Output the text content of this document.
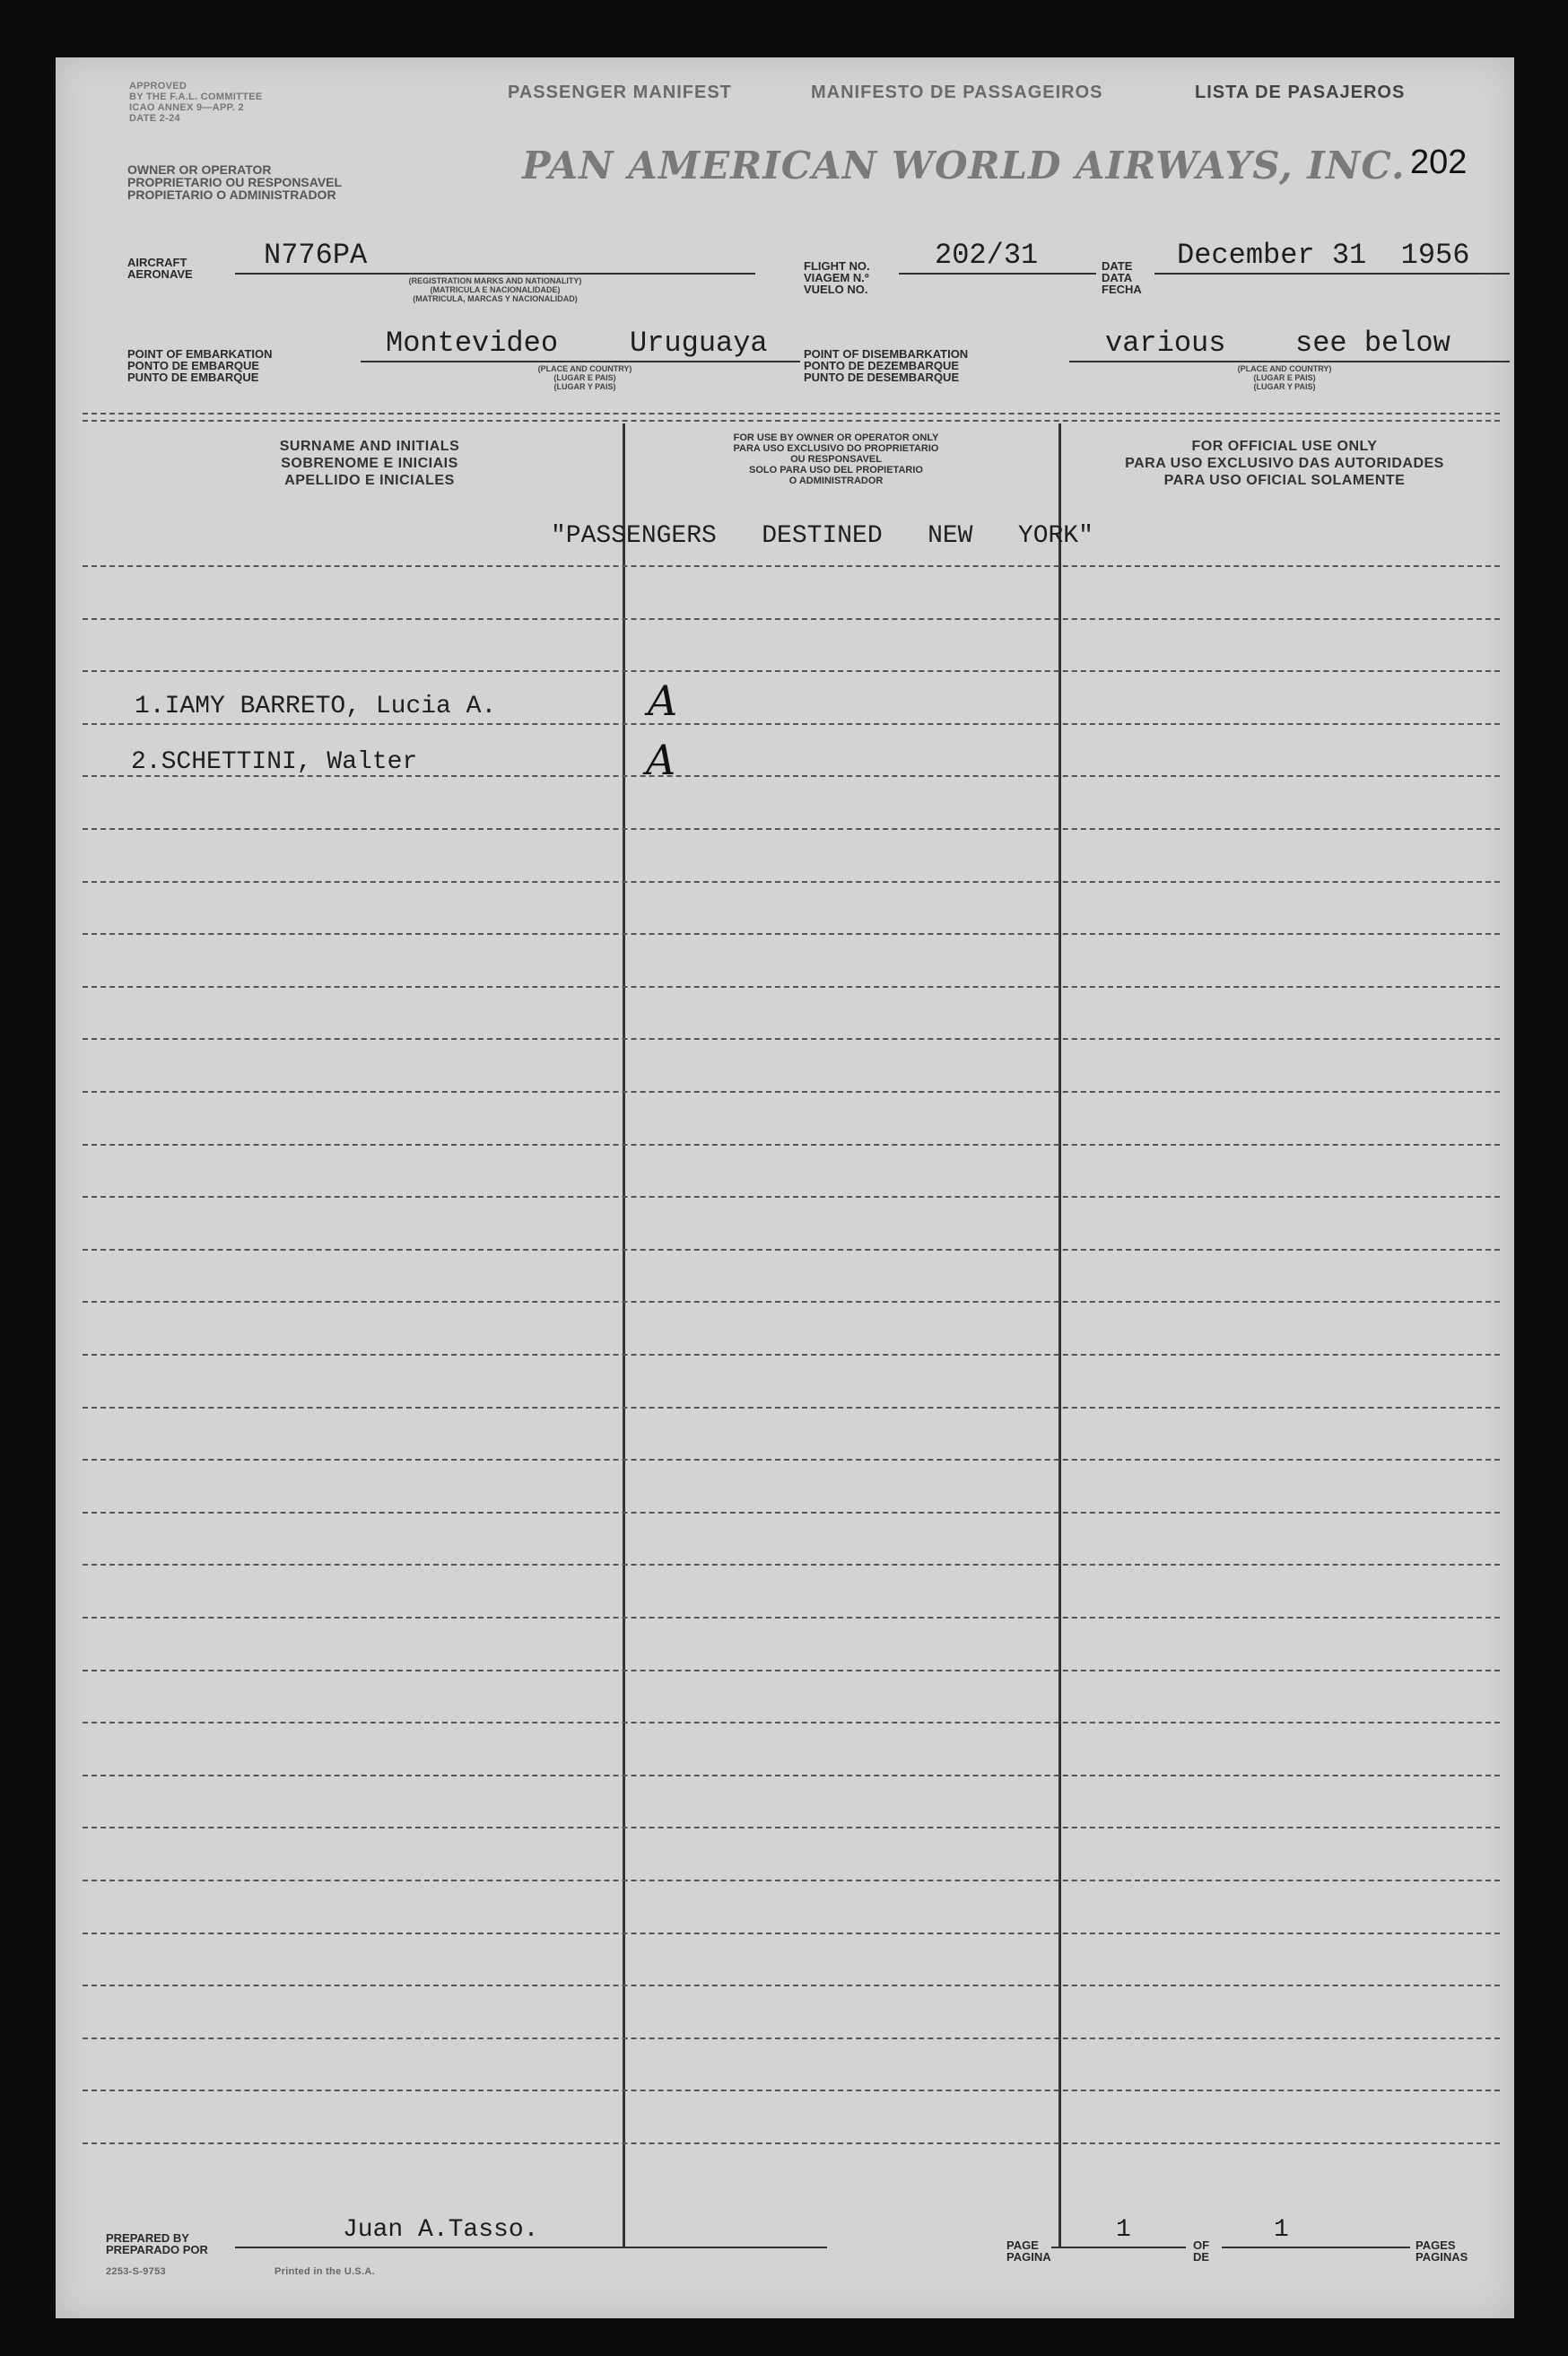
APPROVED
BY THE F.A.L. COMMITTEE
ICAO ANNEX 9—APP. 2
DATE 2-24
PASSENGER MANIFEST	MANIFESTO DE PASSAGEIROS	LISTA DE PASAJEROS
OWNER OR OPERATOR
PROPRIETARIO OU RESPONSAVEL
PROPIETARIO O ADMINISTRADOR
PAN AMERICAN WORLD AIRWAYS, INC. 202
AIRCRAFT
AERONAVE
N776PA
(REGISTRATION MARKS AND NATIONALITY)
(MATRICULA E NACIONALIDADE)
(MATRICULA, MARCAS Y NACIONALIDAD)
FLIGHT NO.
VIAGEM N.º
VUELO NO.
202/31	DATE
DATA
FECHA
December 31  1956
POINT OF EMBARKATION
PONTO DE EMBARQUE
PUNTO DE EMBARQUE
Montevideo Uruguaya
(PLACE AND COUNTRY)
(LUGAR E PAIS)
(LUGAR Y PAIS)
POINT OF DISEMBARKATION
PONTO DE DEZEMBARQUE
PUNTO DE DESEMBARQUE
various see below
(PLACE AND COUNTRY)
(LUGAR E PAIS)
(LUGAR Y PAIS)
SURNAME AND INITIALS
SOBRENOME E INICIAIS
APELLIDO E INICIALES
FOR USE BY OWNER OR OPERATOR ONLY
PARA USO EXCLUSIVO DO PROPRIETARIO
OU RESPONSAVEL
SOLO PARA USO DEL PROPIETARIO
O ADMINISTRADOR
FOR OFFICIAL USE ONLY
PARA USO EXCLUSIVO DAS AUTORIDADES
PARA USO OFICIAL SOLAMENTE
"PASSENGERS   DESTINED   NEW   YORK"
1.IAMY BARRETO, Lucia A.	A
2.SCHETTINI, Walter	A
PREPARED BY
PREPARADO POR
Juan A.Tasso.
2253-S-9753	Printed in the U.S.A.
PAGE
PAGINA
1
OF
DE
1
PAGES
PAGINAS
